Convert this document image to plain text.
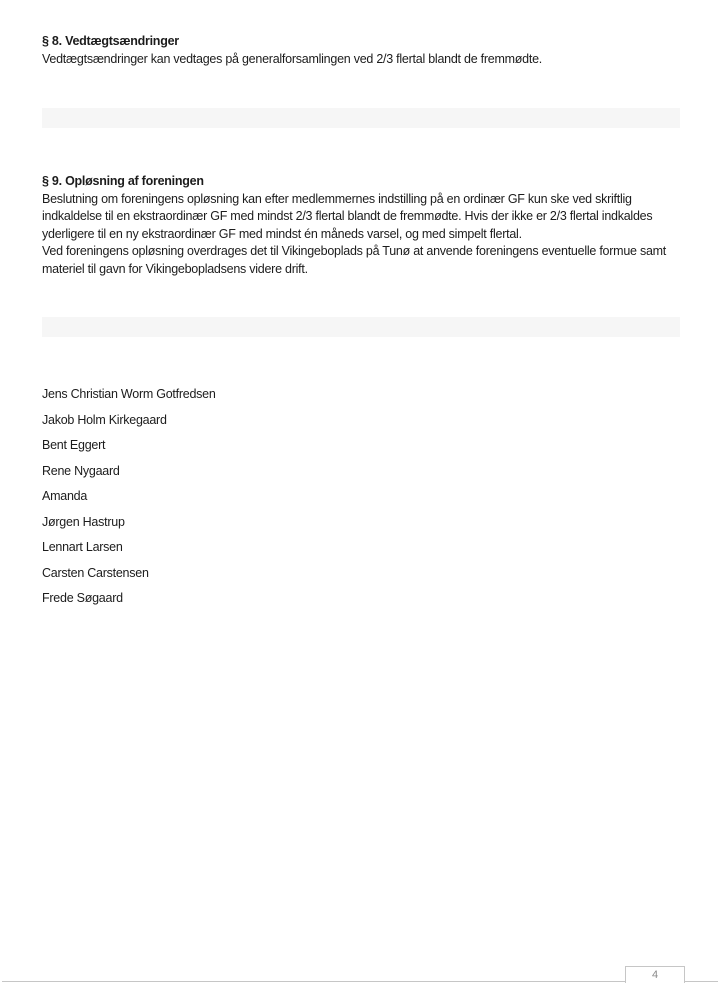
§ 8. Vedtægtsændringer

Vedtægtsændringer kan vedtages på generalforsamlingen ved 2/3 flertal blandt de fremmødte.

§ 9. Opløsning af foreningen

Beslutning om foreningens opløsning kan efter medlemmernes indstilling på en ordinær GF kun ske ved skriftlig indkaldelse til en ekstraordinær GF med mindst 2/3 flertal blandt de fremmødte. Hvis der ikke er 2/3 flertal indkaldes yderligere til en ny ekstraordinær GF med mindst én måneds varsel, og med simpelt flertal.

Ved foreningens opløsning overdrages det til Vikingeboplads på Tunø at anvende foreningens eventuelle formue samt materiel til gavn for Vikingebopladsens videre drift.

Jens Christian Worm Gotfredsen

Jakob Holm Kirkegaard

Bent Eggert

Rene Nygaard

Amanda

Jørgen Hastrup

Lennart Larsen

Carsten Carstensen

Frede Søgaard

4
